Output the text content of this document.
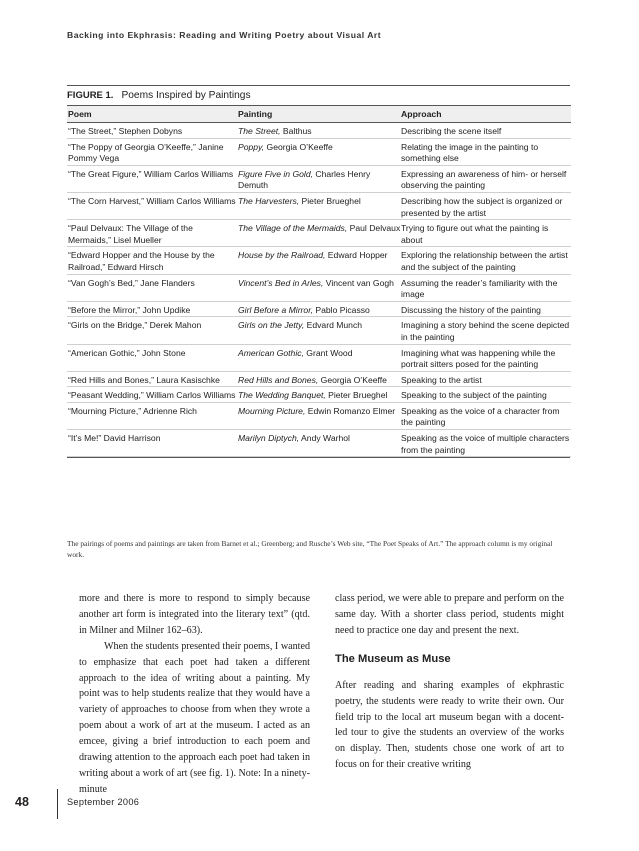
Backing into Ekphrasis: Reading and Writing Poetry about Visual Art
FIGURE 1. Poems Inspired by Paintings
Poem	Painting	Approach
“The Street,” Stephen Dobyns	The Street, Balthus	Describing the scene itself
“The Poppy of Georgia O’Keeffe,” Janine Pommy Vega	Poppy, Georgia O’Keeffe	Relating the image in the painting to something else
“The Great Figure,” William Carlos Williams	Figure Five in Gold, Charles Henry Demuth	Expressing an awareness of him- or herself observing the painting
“The Corn Harvest,” William Carlos Williams	The Harvesters, Pieter Brueghel	Describing how the subject is organized or presented by the artist
“Paul Delvaux: The Village of the Mermaids,” Lisel Mueller	The Village of the Mermaids, Paul Delvaux	Trying to figure out what the painting is about
“Edward Hopper and the House by the Railroad,” Edward Hirsch	House by the Railroad, Edward Hopper	Exploring the relationship between the artist and the subject of the painting
“Van Gogh’s Bed,” Jane Flanders	Vincent’s Bed in Arles, Vincent van Gogh	Assuming the reader’s familiarity with the image
“Before the Mirror,” John Updike	Girl Before a Mirror, Pablo Picasso	Discussing the history of the painting
“Girls on the Bridge,” Derek Mahon	Girls on the Jetty, Edvard Munch	Imagining a story behind the scene depicted in the painting
“American Gothic,” John Stone	American Gothic, Grant Wood	Imagining what was happening while the portrait sitters posed for the painting
“Red Hills and Bones,” Laura Kasischke	Red Hills and Bones, Georgia O’Keeffe	Speaking to the artist
“Peasant Wedding,” William Carlos Williams	The Wedding Banquet, Pieter Brueghel	Speaking to the subject of the painting
“Mourning Picture,” Adrienne Rich	Mourning Picture, Edwin Romanzo Elmer	Speaking as the voice of a character from the painting
“It’s Me!” David Harrison	Marilyn Diptych, Andy Warhol	Speaking as the voice of multiple characters from the painting
The pairings of poems and paintings are taken from Barnet et al.; Greenberg; and Rusche’s Web site, “The Poet Speaks of Art.” The approach column is my original work.

more and there is more to respond to simply because another art form is integrated into the literary text” (qtd. in Milner and Milner 162–63).

When the students presented their poems, I wanted to emphasize that each poet had taken a different approach to the idea of writing about a painting. My point was to help students realize that they would have a variety of approaches to choose from when they wrote a poem about a work of art at the museum. I acted as an emcee, giving a brief introduction to each poem and drawing attention to the approach each poet had taken in writing about a work of art (see fig. 1). Note: In a ninety-minute

class period, we were able to prepare and perform on the same day. With a shorter class period, students might need to practice one day and present the next.

The Museum as Muse

After reading and sharing examples of ekphrastic poetry, the students were ready to write their own. Our field trip to the local art museum began with a docent-led tour to give the students an overview of the works on display. Then, students chose one work of art to focus on for their creative writing

48	September 2006
